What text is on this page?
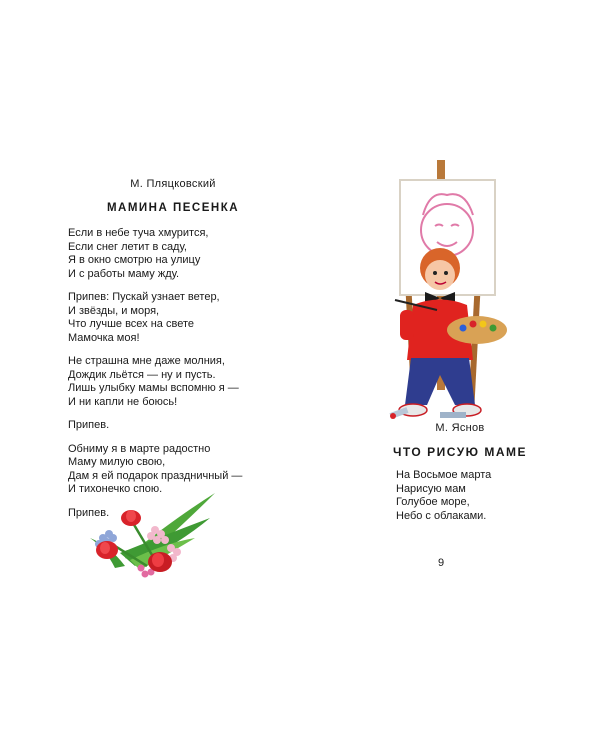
М. Пляцковский
МАМИНА ПЕСЕНКА
Если в небе туча хмурится,
Если снег летит в саду,
Я в окно смотрю на улицу
И с работы маму жду.
Припев: Пускай узнает ветер,
И звёзды, и моря,
Что лучше всех на свете
Мамочка моя!
Не страшна мне даже молния,
Дождик льётся — ну и пусть.
Лишь улыбку мамы вспомню я —
И ни капли не боюсь!
Припев.
Обниму я в марте радостно
Маму милую свою,
Дам я ей подарок праздничный —
И тихонечко спою.
Припев.
М. Яснов
ЧТО РИСУЮ МАМЕ
На Восьмое марта
Нарисую мам
Голубое море,
Небо с облаками.
9
